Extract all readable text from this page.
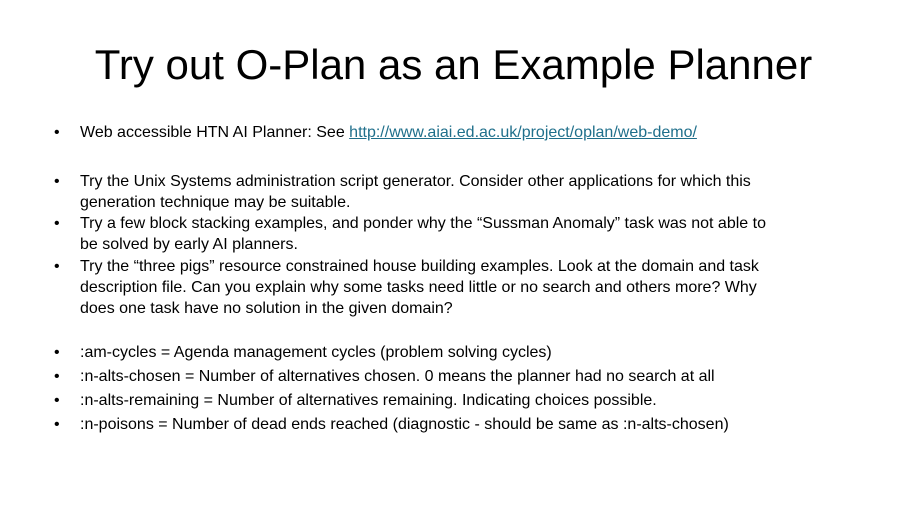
Try out O-Plan as an Example Planner
•	Web accessible HTN AI Planner: See http://www.aiai.ed.ac.uk/project/oplan/web-demo/
•	Try the Unix Systems administration script generator. Consider other applications for which this
generation technique may be suitable.
•	Try a few block stacking examples, and ponder why the “Sussman Anomaly” task was not able to
be solved by early AI planners.
•	Try the “three pigs” resource constrained house building examples. Look at the domain and task
description file. Can you explain why some tasks need little or no search and others more? Why
does one task have no solution in the given domain?
•	:am-cycles = Agenda management cycles (problem solving cycles)
•	:n-alts-chosen = Number of alternatives chosen. 0 means the planner had no search at all
•	:n-alts-remaining = Number of alternatives remaining. Indicating choices possible.
•	:n-poisons = Number of dead ends reached (diagnostic - should be same as :n-alts-chosen)
